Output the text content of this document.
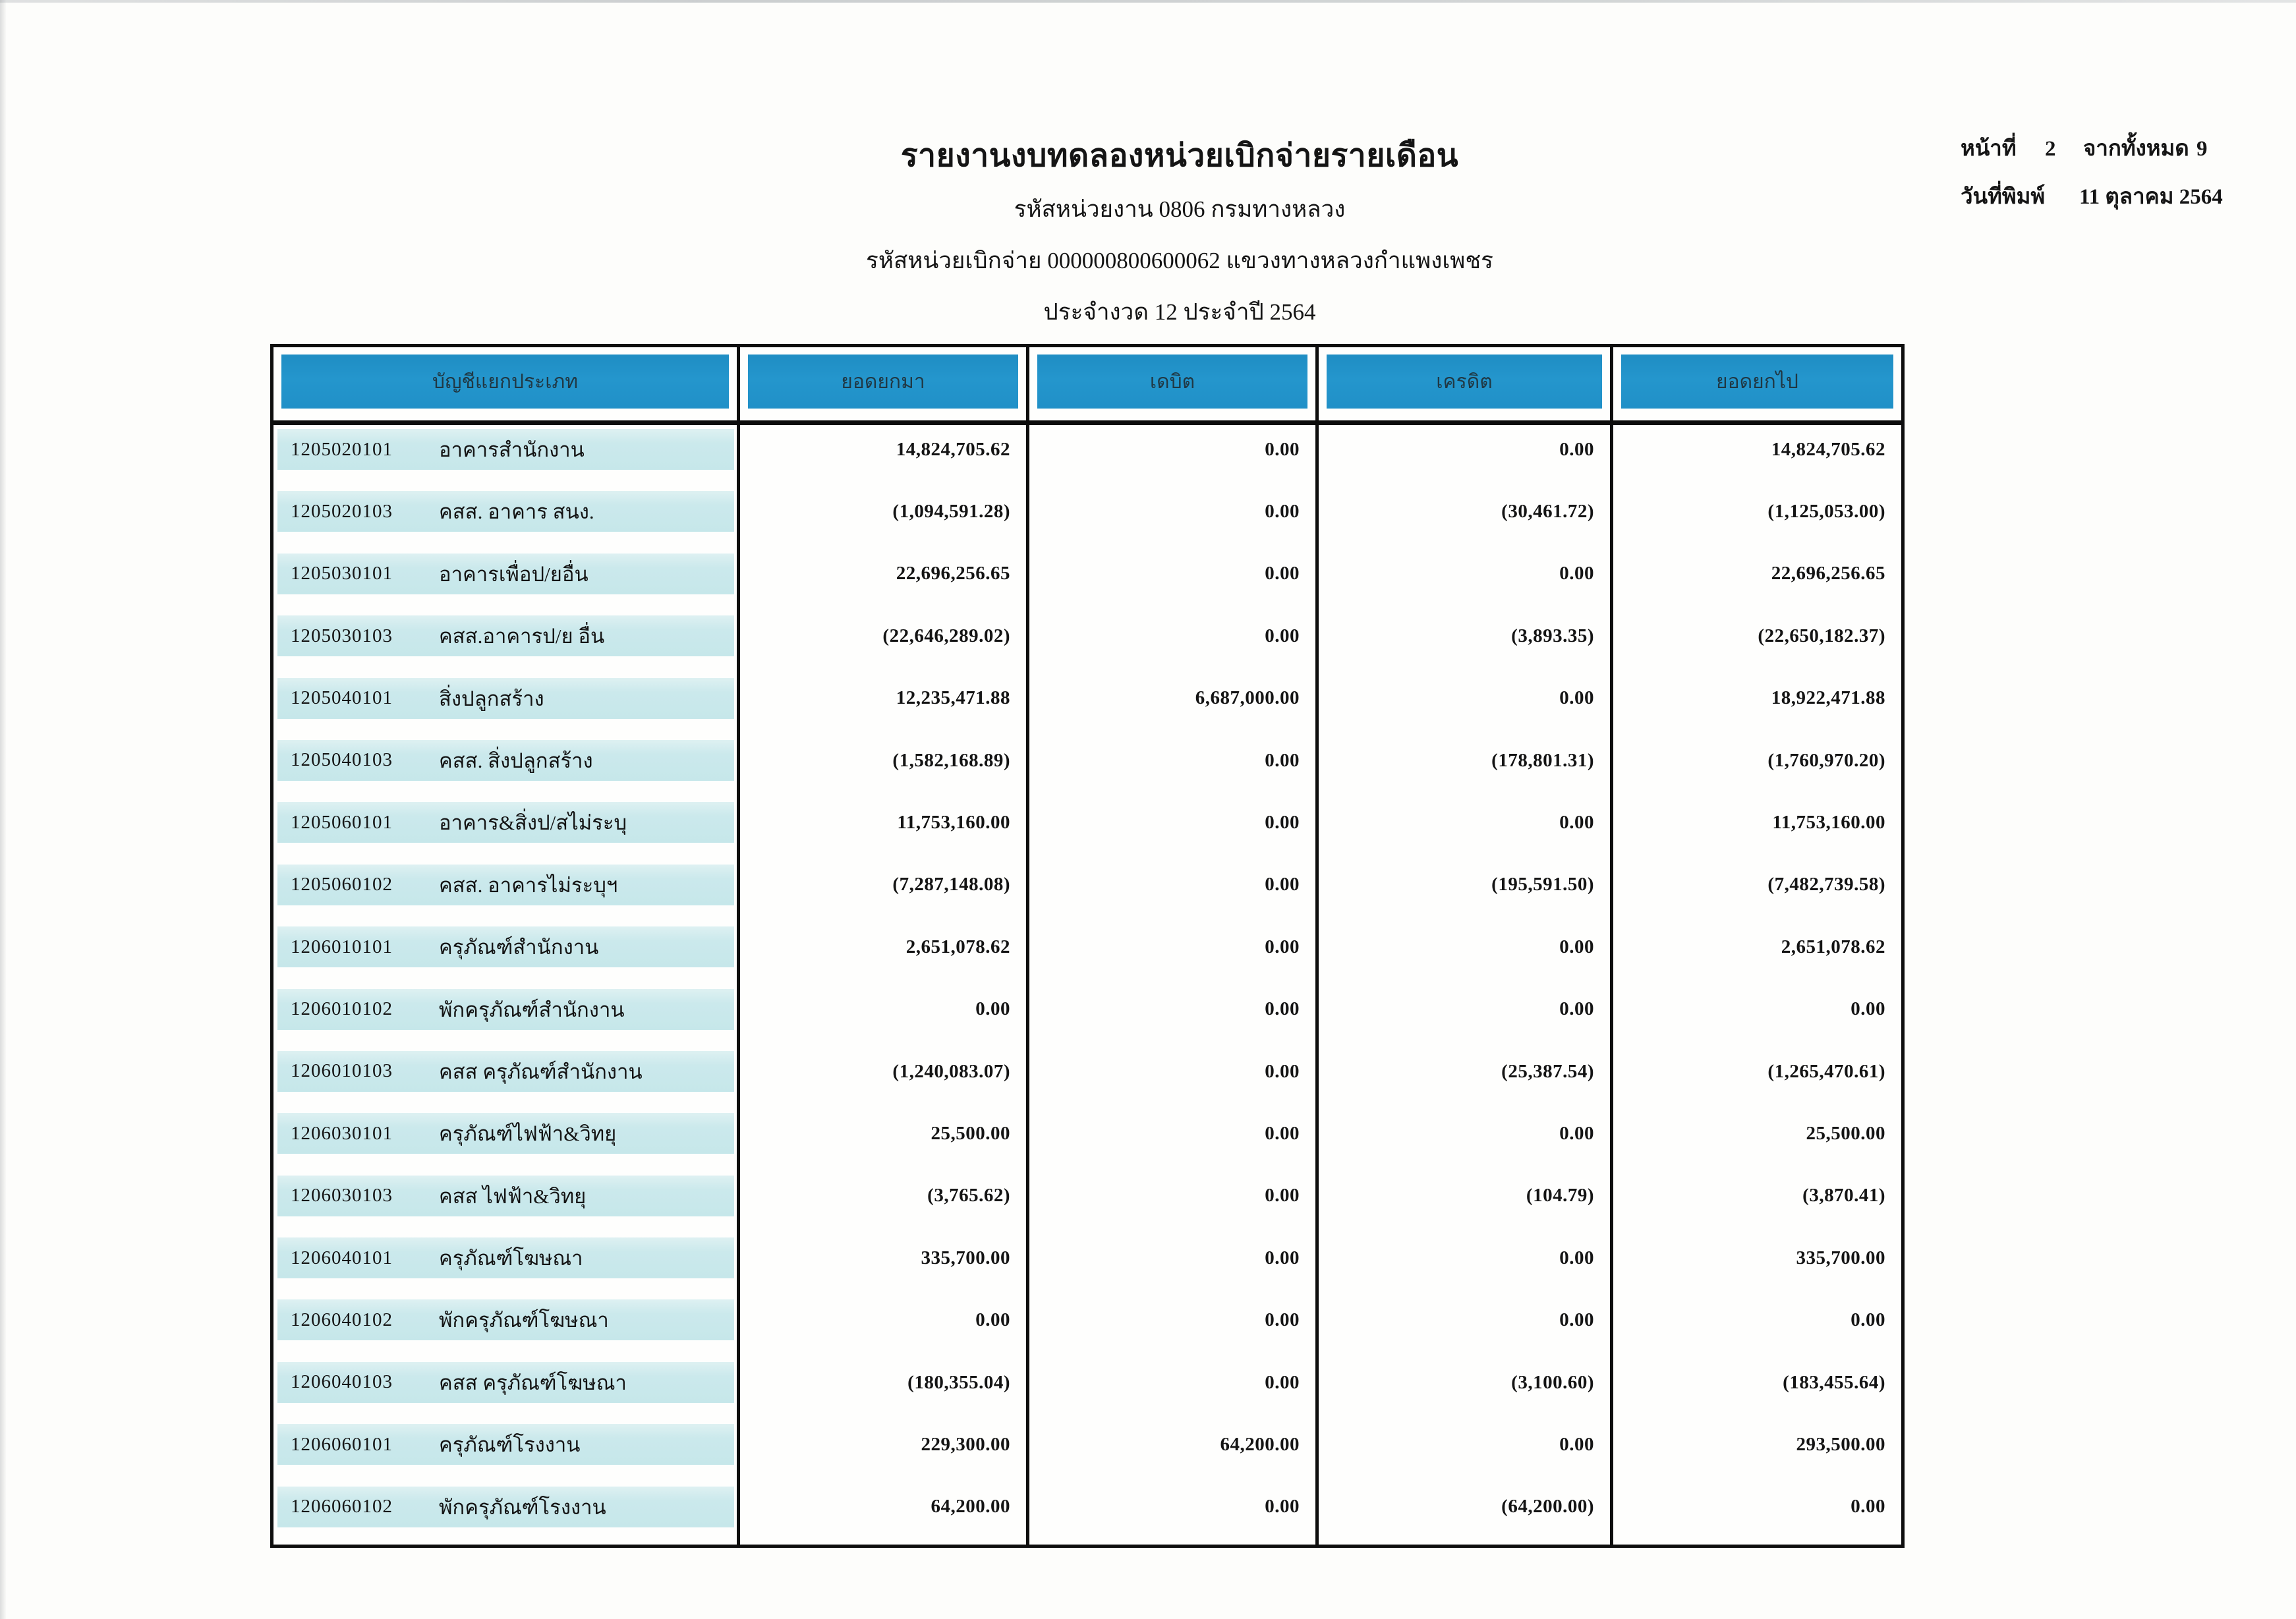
รายงานงบทดลองหน่วยเบิกจ่ายรายเดือน
รหัสหน่วยงาน 0806 กรมทางหลวง
รหัสหน่วยเบิกจ่าย 000000800600062 แขวงทางหลวงกำแพงเพชร
ประจำงวด 12 ประจำปี 2564
หน้าที่	2	จากทั้งหมด 9
วันที่พิมพ์	11 ตุลาคม 2564
บัญชีแยกประเภท	ยอดยกมา	เดบิต	เครดิต	ยอดยกไป
1205020101	อาคารสำนักงาน	14,824,705.62	0.00	0.00	14,824,705.62
1205020103	คสส. อาคาร สนง.	(1,094,591.28)	0.00	(30,461.72)	(1,125,053.00)
1205030101	อาคารเพื่อป/ยอื่น	22,696,256.65	0.00	0.00	22,696,256.65
1205030103	คสส.อาคารป/ย อื่น	(22,646,289.02)	0.00	(3,893.35)	(22,650,182.37)
1205040101	สิ่งปลูกสร้าง	12,235,471.88	6,687,000.00	0.00	18,922,471.88
1205040103	คสส. สิ่งปลูกสร้าง	(1,582,168.89)	0.00	(178,801.31)	(1,760,970.20)
1205060101	อาคาร&สิ่งป/สไม่ระบุ	11,753,160.00	0.00	0.00	11,753,160.00
1205060102	คสส. อาคารไม่ระบุฯ	(7,287,148.08)	0.00	(195,591.50)	(7,482,739.58)
1206010101	ครุภัณฑ์สำนักงาน	2,651,078.62	0.00	0.00	2,651,078.62
1206010102	พักครุภัณฑ์สำนักงาน	0.00	0.00	0.00	0.00
1206010103	คสส ครุภัณฑ์สำนักงาน	(1,240,083.07)	0.00	(25,387.54)	(1,265,470.61)
1206030101	ครุภัณฑ์ไฟฟ้า&วิทยุ	25,500.00	0.00	0.00	25,500.00
1206030103	คสส ไฟฟ้า&วิทยุ	(3,765.62)	0.00	(104.79)	(3,870.41)
1206040101	ครุภัณฑ์โฆษณา	335,700.00	0.00	0.00	335,700.00
1206040102	พักครุภัณฑ์โฆษณา	0.00	0.00	0.00	0.00
1206040103	คสส ครุภัณฑ์โฆษณา	(180,355.04)	0.00	(3,100.60)	(183,455.64)
1206060101	ครุภัณฑ์โรงงาน	229,300.00	64,200.00	0.00	293,500.00
1206060102	พักครุภัณฑ์โรงงาน	64,200.00	0.00	(64,200.00)	0.00
